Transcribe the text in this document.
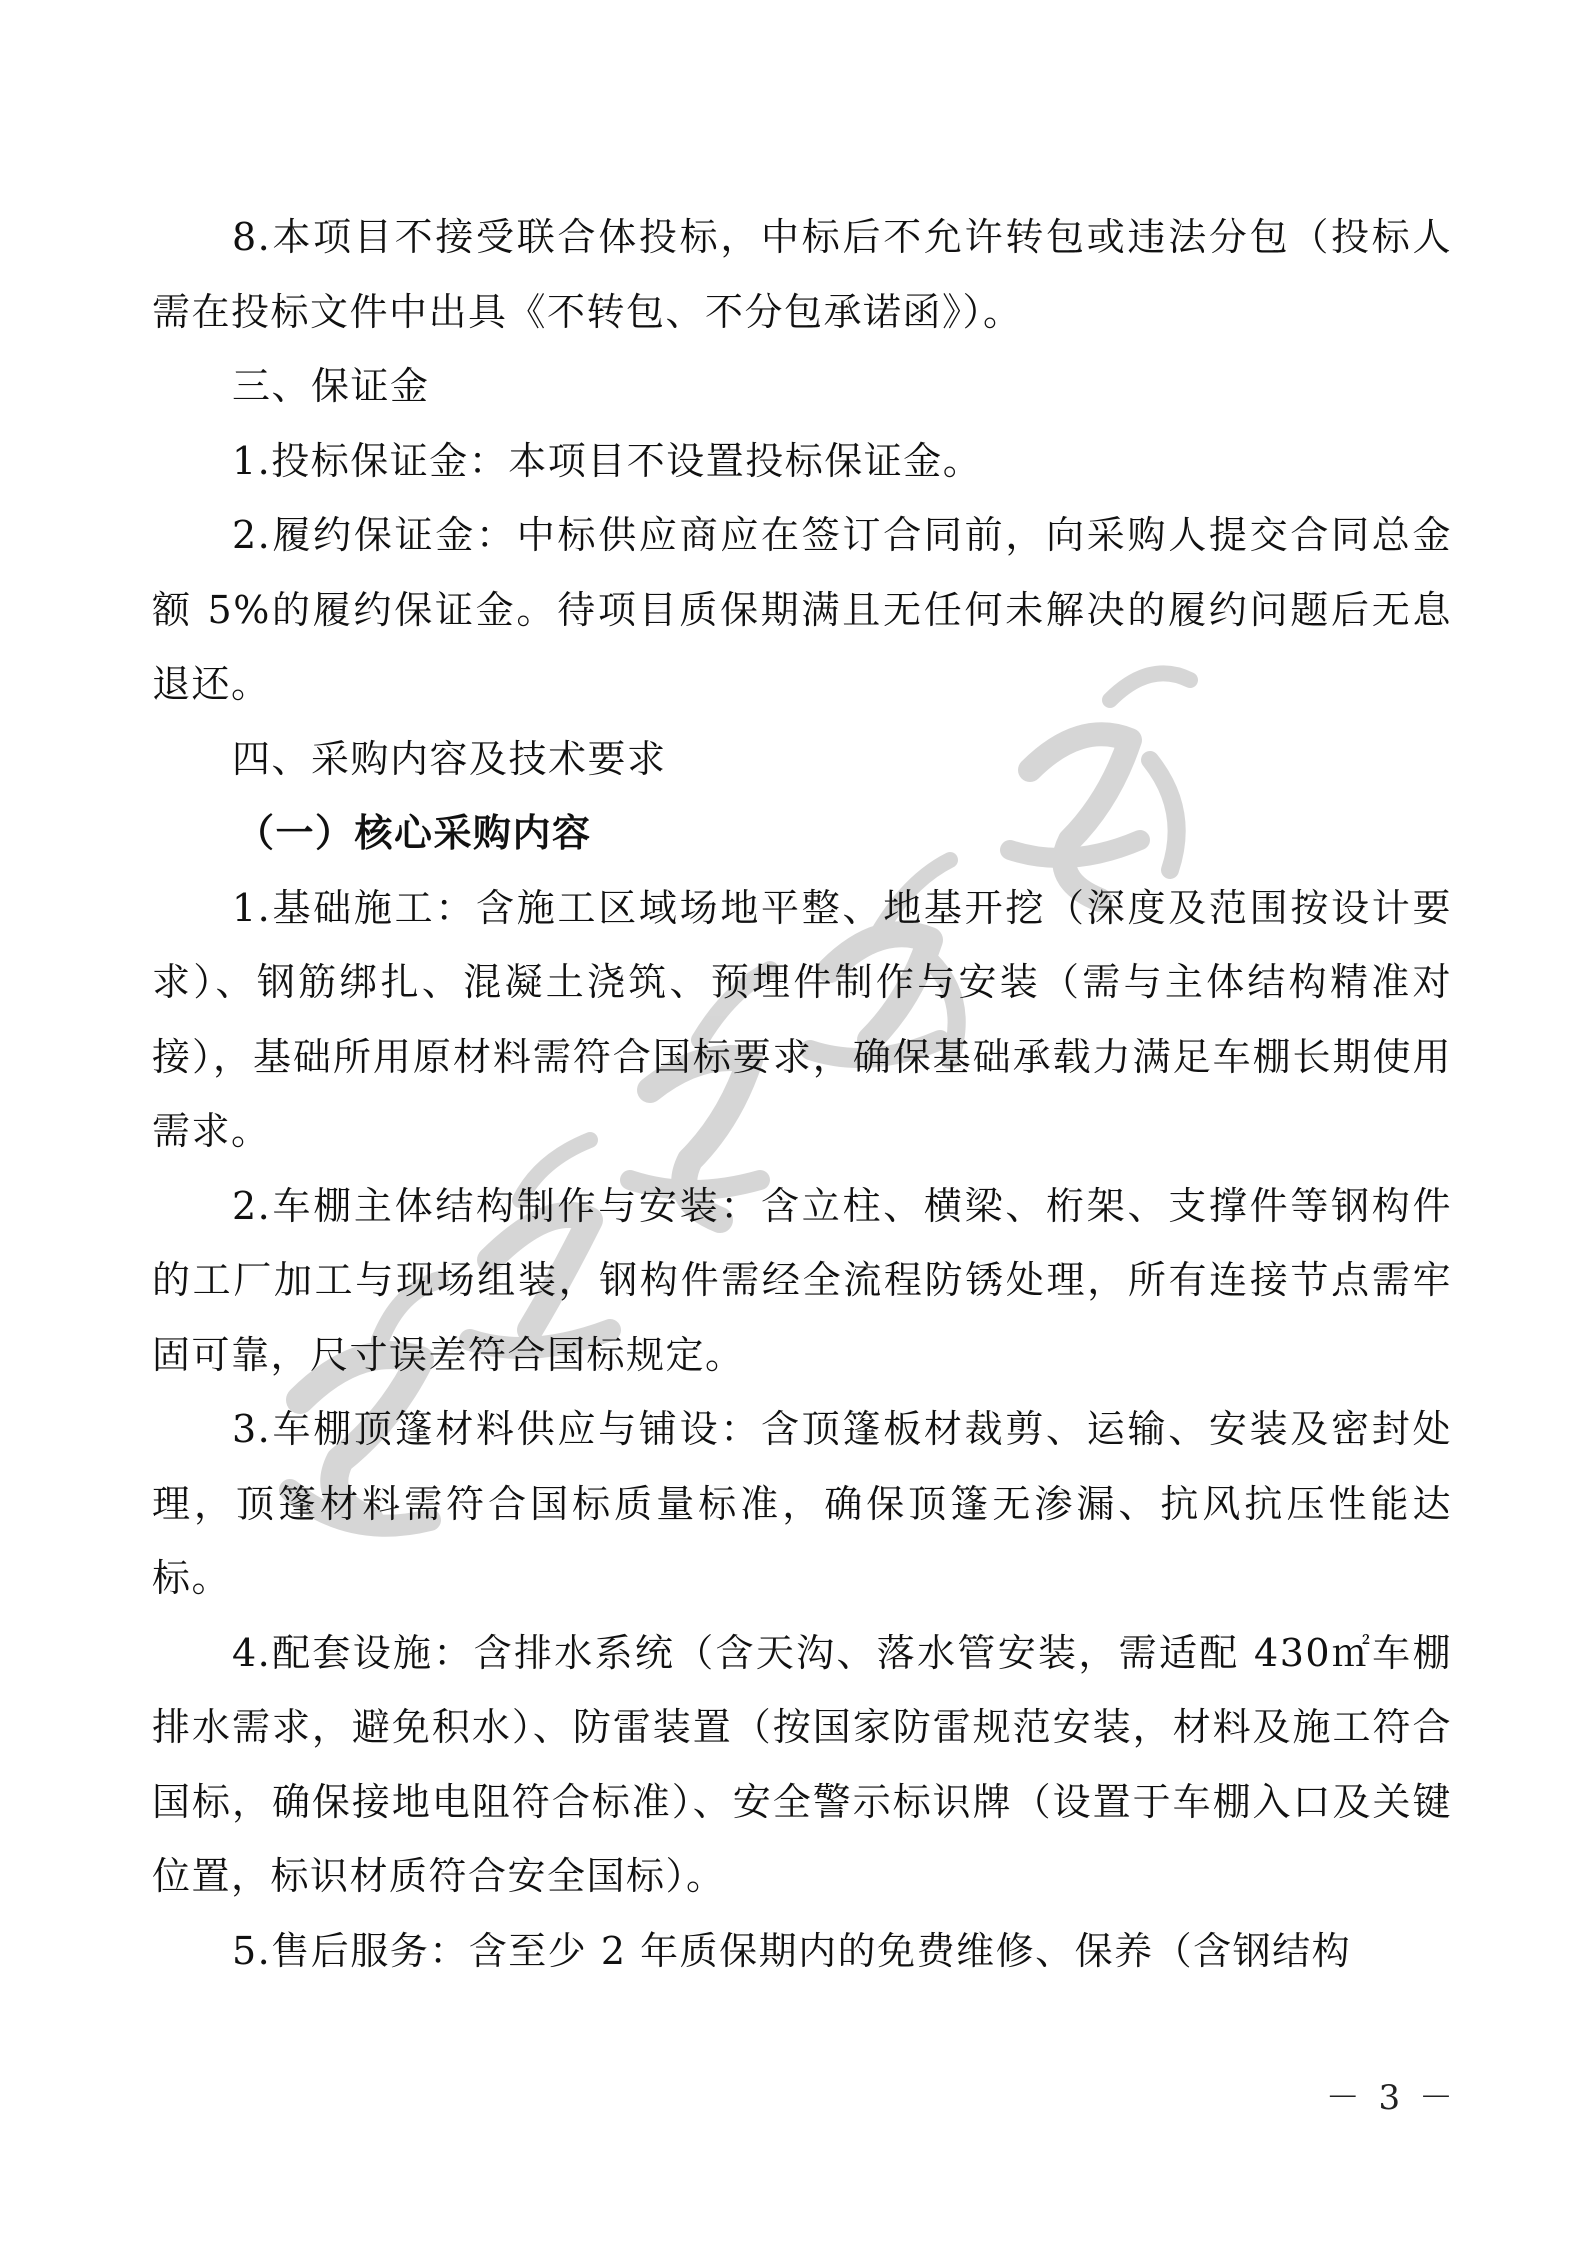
8.本项目不接受联合体投标，中标后不允许转包或违法分包（投标人需在投标文件中出具《不转包、不分包承诺函》）。

三、保证金

1.投标保证金：本项目不设置投标保证金。

2.履约保证金：中标供应商应在签订合同前，向采购人提交合同总金额 5%的履约保证金。待项目质保期满且无任何未解决的履约问题后无息退还。

四、采购内容及技术要求

（一）核心采购内容

1.基础施工：含施工区域场地平整、地基开挖（深度及范围按设计要求）、钢筋绑扎、混凝土浇筑、预埋件制作与安装（需与主体结构精准对接），基础所用原材料需符合国标要求，确保基础承载力满足车棚长期使用需求。

2.车棚主体结构制作与安装：含立柱、横梁、桁架、支撑件等钢构件的工厂加工与现场组装，钢构件需经全流程防锈处理，所有连接节点需牢固可靠，尺寸误差符合国标规定。

3.车棚顶篷材料供应与铺设：含顶篷板材裁剪、运输、安装及密封处理，顶篷材料需符合国标质量标准，确保顶篷无渗漏、抗风抗压性能达标。

4.配套设施：含排水系统（含天沟、落水管安装，需适配 430㎡车棚排水需求，避免积水）、防雷装置（按国家防雷规范安装，材料及施工符合国标，确保接地电阻符合标准）、安全警示标识牌（设置于车棚入口及关键位置，标识材质符合安全国标）。

5.售后服务：含至少 2 年质保期内的免费维修、保养（含钢结构

－ 3 －
